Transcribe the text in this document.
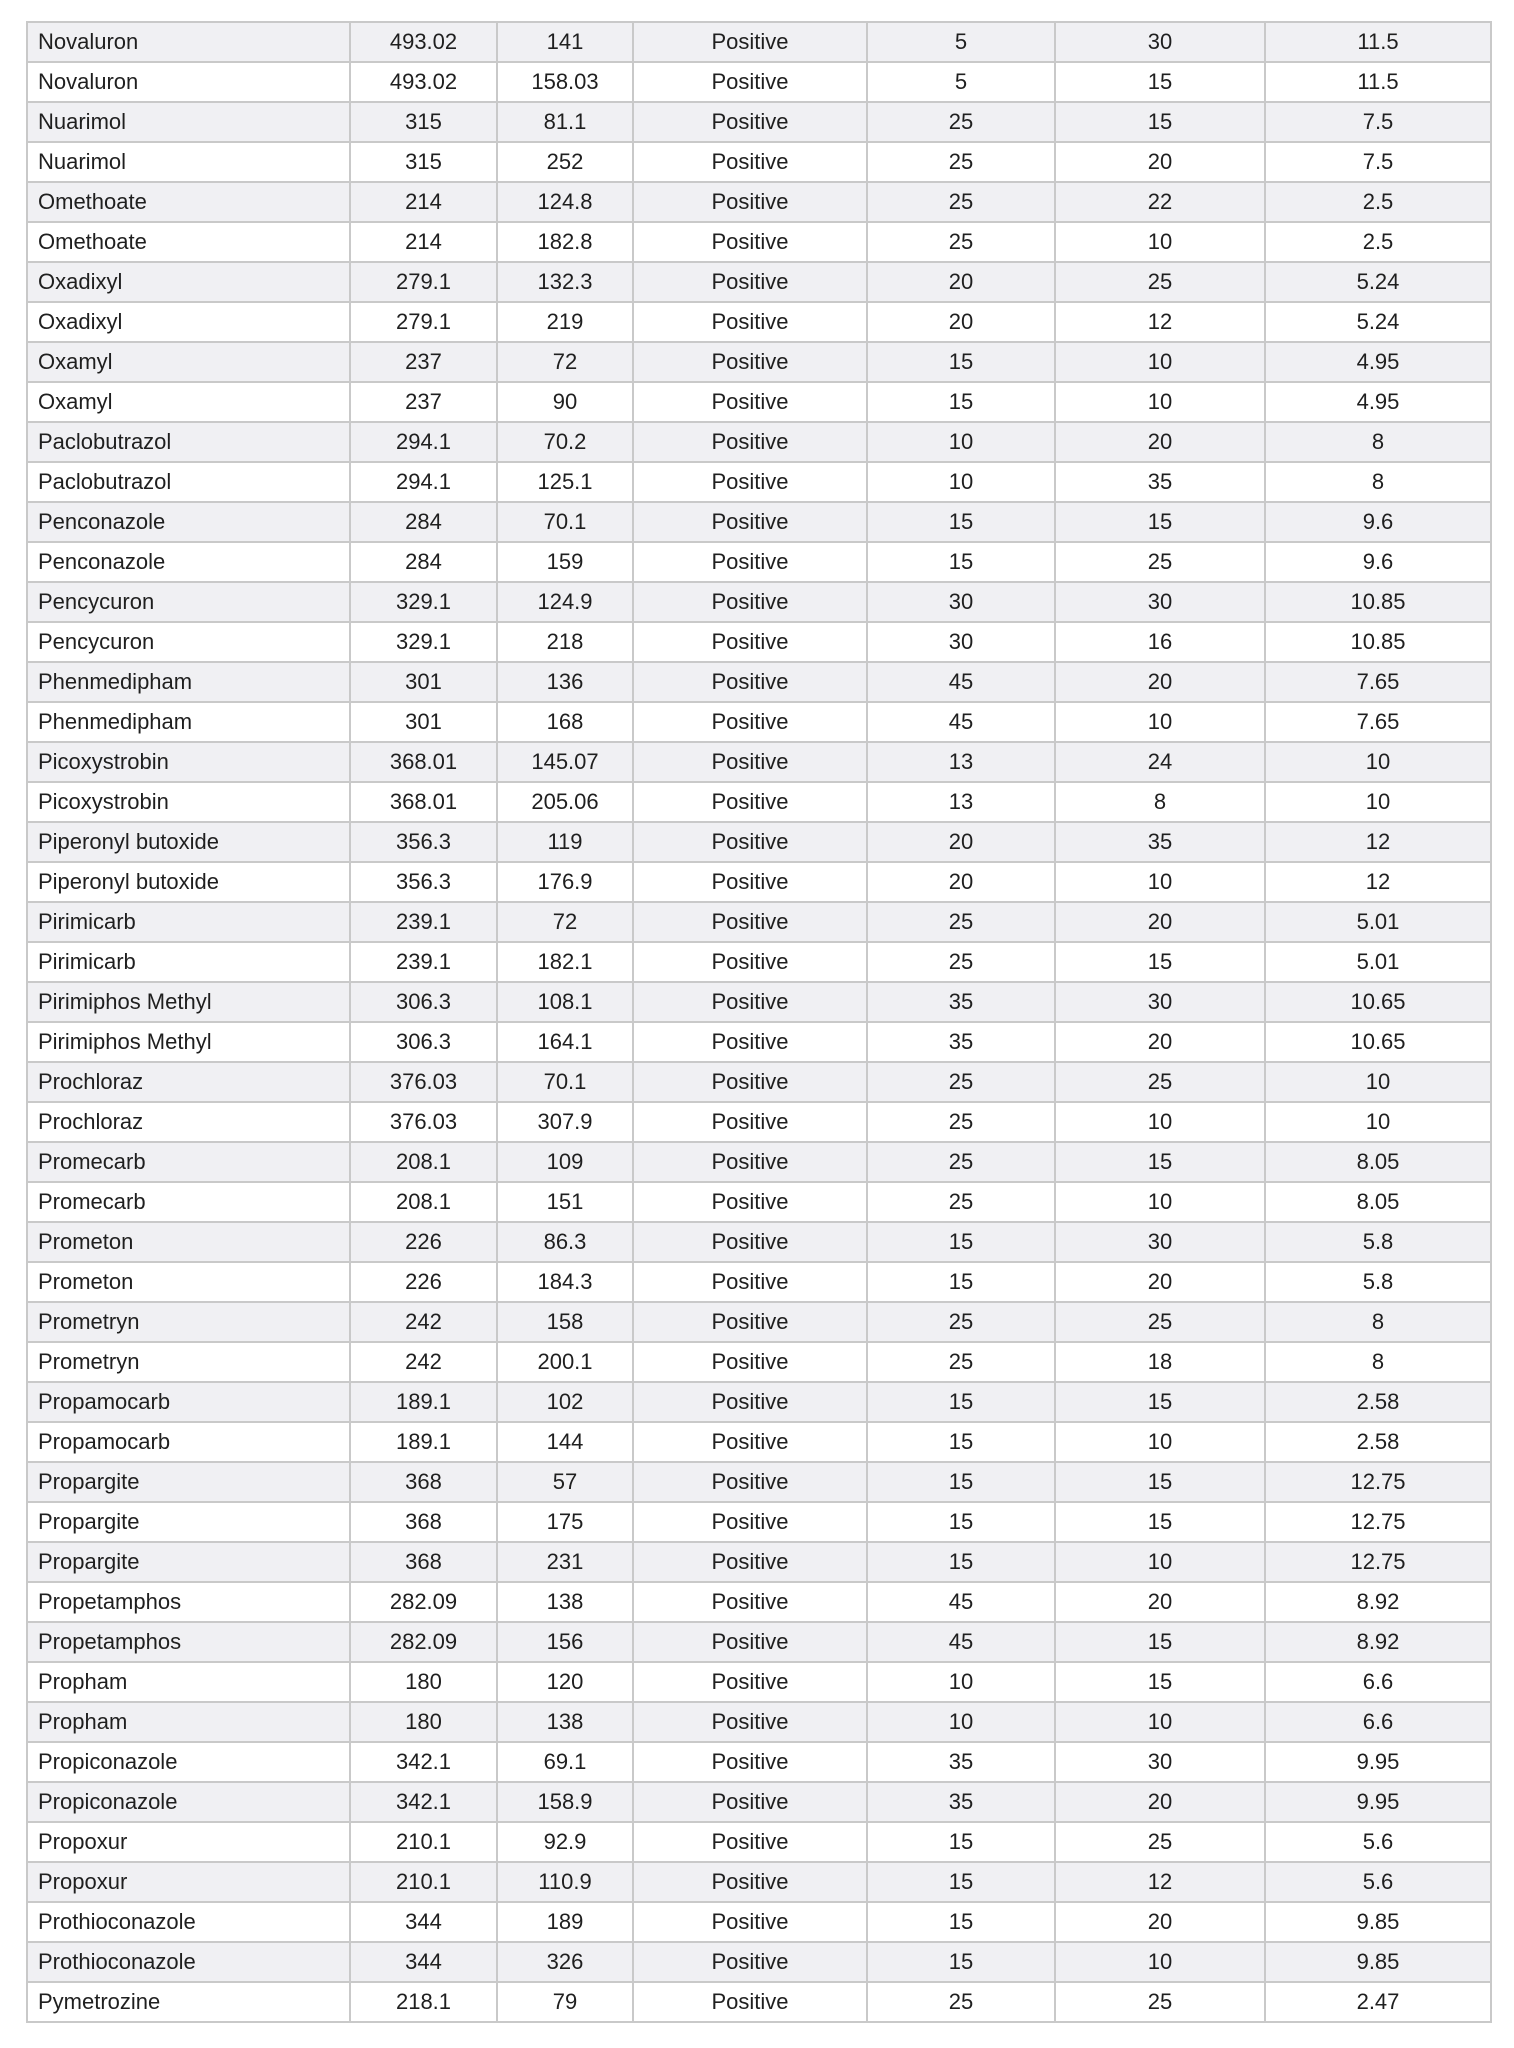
Novaluron	493.02	141	Positive	5	30	11.5
Novaluron	493.02	158.03	Positive	5	15	11.5
Nuarimol	315	81.1	Positive	25	15	7.5
Nuarimol	315	252	Positive	25	20	7.5
Omethoate	214	124.8	Positive	25	22	2.5
Omethoate	214	182.8	Positive	25	10	2.5
Oxadixyl	279.1	132.3	Positive	20	25	5.24
Oxadixyl	279.1	219	Positive	20	12	5.24
Oxamyl	237	72	Positive	15	10	4.95
Oxamyl	237	90	Positive	15	10	4.95
Paclobutrazol	294.1	70.2	Positive	10	20	8
Paclobutrazol	294.1	125.1	Positive	10	35	8
Penconazole	284	70.1	Positive	15	15	9.6
Penconazole	284	159	Positive	15	25	9.6
Pencycuron	329.1	124.9	Positive	30	30	10.85
Pencycuron	329.1	218	Positive	30	16	10.85
Phenmedipham	301	136	Positive	45	20	7.65
Phenmedipham	301	168	Positive	45	10	7.65
Picoxystrobin	368.01	145.07	Positive	13	24	10
Picoxystrobin	368.01	205.06	Positive	13	8	10
Piperonyl butoxide	356.3	119	Positive	20	35	12
Piperonyl butoxide	356.3	176.9	Positive	20	10	12
Pirimicarb	239.1	72	Positive	25	20	5.01
Pirimicarb	239.1	182.1	Positive	25	15	5.01
Pirimiphos Methyl	306.3	108.1	Positive	35	30	10.65
Pirimiphos Methyl	306.3	164.1	Positive	35	20	10.65
Prochloraz	376.03	70.1	Positive	25	25	10
Prochloraz	376.03	307.9	Positive	25	10	10
Promecarb	208.1	109	Positive	25	15	8.05
Promecarb	208.1	151	Positive	25	10	8.05
Prometon	226	86.3	Positive	15	30	5.8
Prometon	226	184.3	Positive	15	20	5.8
Prometryn	242	158	Positive	25	25	8
Prometryn	242	200.1	Positive	25	18	8
Propamocarb	189.1	102	Positive	15	15	2.58
Propamocarb	189.1	144	Positive	15	10	2.58
Propargite	368	57	Positive	15	15	12.75
Propargite	368	175	Positive	15	15	12.75
Propargite	368	231	Positive	15	10	12.75
Propetamphos	282.09	138	Positive	45	20	8.92
Propetamphos	282.09	156	Positive	45	15	8.92
Propham	180	120	Positive	10	15	6.6
Propham	180	138	Positive	10	10	6.6
Propiconazole	342.1	69.1	Positive	35	30	9.95
Propiconazole	342.1	158.9	Positive	35	20	9.95
Propoxur	210.1	92.9	Positive	15	25	5.6
Propoxur	210.1	110.9	Positive	15	12	5.6
Prothioconazole	344	189	Positive	15	20	9.85
Prothioconazole	344	326	Positive	15	10	9.85
Pymetrozine	218.1	79	Positive	25	25	2.47
